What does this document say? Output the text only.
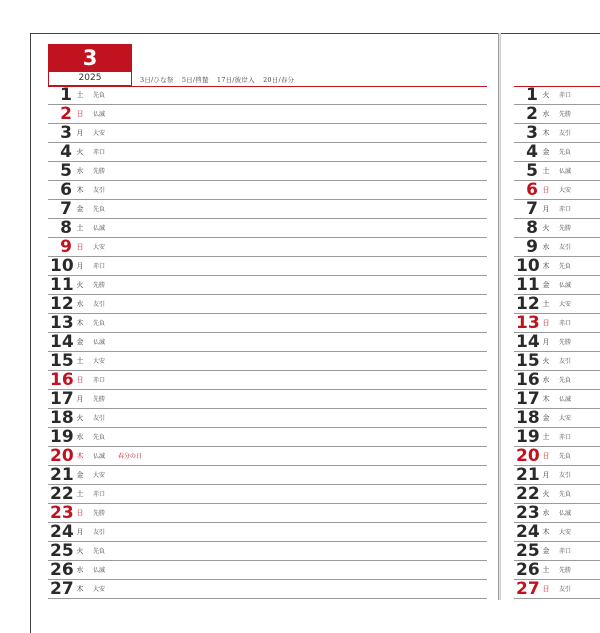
3
2025	3日/ひな祭 5日/啓蟄 17日/彼岸入 20日/春分
1 土	先負
2 日	仏滅
3 月	大安
4 火	赤口
5 水	先勝
6 木	友引
7 金	先負
8 土	仏滅
9 日	大安
10 月	赤口
11 火	先勝
12 水	友引
13 木	先負
14 金	仏滅
15 土	大安
16 日	赤口
17 月	先勝
18 火	友引
19 水	先負
20 木	仏滅 春分の日
21 金	大安
22 土	赤口
23 日	先勝
24 月	友引
25 火	先負
26 水	仏滅
27 木	大安
1 火	赤口
2 水	先勝
3 木	友引
4 金	先負
5 土	仏滅
6 日	大安
7 月	赤口
8 火	先勝
9 水	友引
10 木	先負
11 金	仏滅
12 土	大安
13 日	赤口
14 月	先勝
15 火	友引
16 水	先負
17 木	仏滅
18 金	大安
19 土	赤口
20 日	先負
21 月	友引
22 火	先負
23 水	仏滅
24 木	大安
25 金	赤口
26 土	先勝
27 日	友引
